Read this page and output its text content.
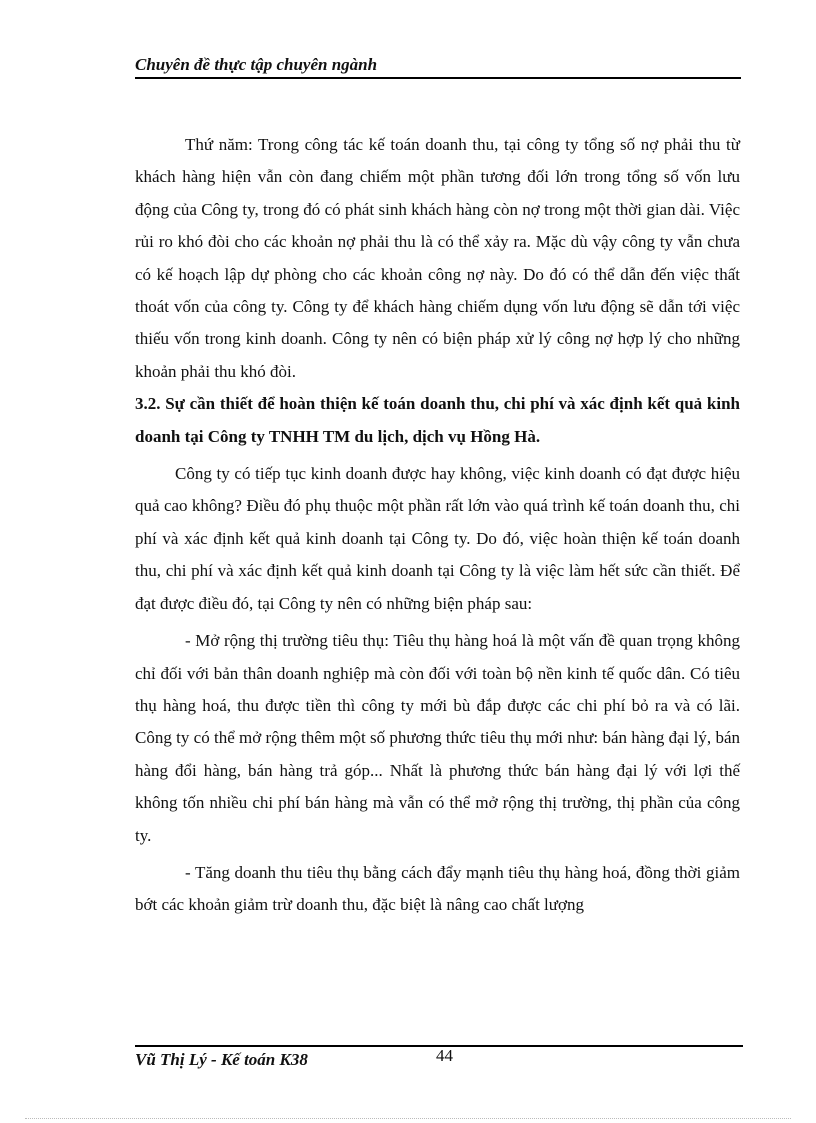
Chuyên đề thực tập chuyên ngành

Thứ năm: Trong công tác kế toán doanh thu, tại công ty tổng số nợ phải thu từ khách hàng hiện vẫn còn đang chiếm một phần tương đối lớn trong tổng số vốn lưu động của Công ty, trong đó có phát sinh khách hàng còn nợ trong một thời gian dài. Việc rủi ro khó đòi cho các khoản nợ phải thu là có thể xảy ra. Mặc dù vậy công ty vẫn chưa có kế hoạch lập dự phòng cho các khoản công nợ này. Do đó có thể dẫn đến việc thất thoát vốn của công ty. Công ty để khách hàng chiếm dụng vốn lưu động sẽ dẫn tới việc thiếu vốn trong kinh doanh. Công ty nên có biện pháp xử lý công nợ hợp lý cho những khoản phải thu khó đòi.

3.2. Sự cần thiết để hoàn thiện kế toán doanh thu, chi phí và xác định kết quả kinh doanh tại Công ty TNHH TM du lịch, dịch vụ Hồng Hà.

Công ty có tiếp tục kinh doanh được hay không, việc kinh doanh có đạt được hiệu quả cao không? Điều đó phụ thuộc một phần rất lớn vào quá trình kế toán doanh thu, chi phí và xác định kết quả kinh doanh tại Công ty. Do đó, việc hoàn thiện kế toán doanh thu, chi phí và xác định kết quả kinh doanh tại Công ty là việc làm hết sức cần thiết. Để đạt được điều đó, tại Công ty nên có những biện pháp sau:

- Mở rộng thị trường tiêu thụ: Tiêu thụ hàng hoá là một vấn đề quan trọng không chỉ đối với bản thân doanh nghiệp mà còn đối với toàn bộ nền kinh tế quốc dân. Có tiêu thụ hàng hoá, thu được tiền thì công ty mới bù đắp được các chi phí bỏ ra và có lãi. Công ty có thể mở rộng thêm một số phương thức tiêu thụ mới như: bán hàng đại lý, bán hàng đổi hàng, bán hàng trả góp... Nhất là phương thức bán hàng đại lý với lợi thế không tốn nhiều chi phí bán hàng mà vẫn có thể mở rộng thị trường, thị phần của công ty.

- Tăng doanh thu tiêu thụ bằng cách đẩy mạnh tiêu thụ hàng hoá, đồng thời giảm bớt các khoản giảm trừ doanh thu, đặc biệt là nâng cao chất lượng

Vũ Thị Lý - Kế toán K38	44
